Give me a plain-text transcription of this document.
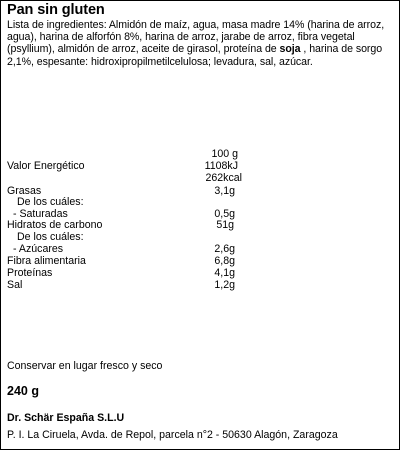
Pan sin gluten
Lista de ingredientes: Almidón de maíz, agua, masa madre 14% (harina de arroz, agua), harina de alforfón 8%, harina de arroz, jarabe de arroz, fibra vegetal (psyllium), almidón de arroz, aceite de girasol, proteína de soja , harina de sorgo 2,1%, espesante: hidroxipropilmetilcelulosa; levadura, sal, azúcar.
100 g
Valor Energético	1108kJ
262kcal
Grasas	3,1g
De los cuáles:
- Saturadas	0,5g
Hidratos de carbono	51g
De los cuáles:
- Azúcares	2,6g
Fibra alimentaria	6,8g
Proteínas	4,1g
Sal	1,2g
Conservar en lugar fresco y seco
240 g
Dr. Schär España S.L.U
P. I. La Ciruela, Avda. de Repol, parcela n°2 - 50630 Alagón, Zaragoza
